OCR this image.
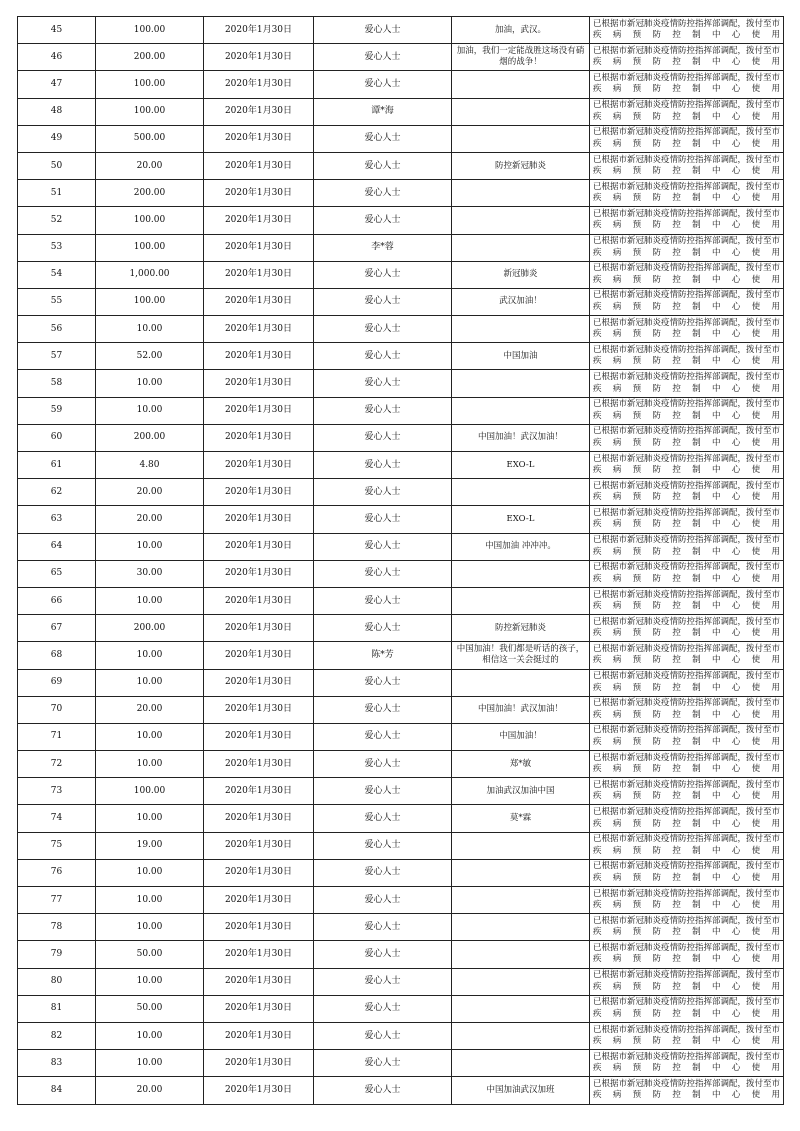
45	100.00	2020年1月30日	爱心人士	加油，武汉。	已根据市新冠肺炎疫情防控指挥部调配，拨付至市疾病预防控制中心使用
46	200.00	2020年1月30日	爱心人士	加油，我们一定能战胜这场没有硝烟的战争！	已根据市新冠肺炎疫情防控指挥部调配，拨付至市疾病预防控制中心使用
47	100.00	2020年1月30日	爱心人士		已根据市新冠肺炎疫情防控指挥部调配，拨付至市疾病预防控制中心使用
48	100.00	2020年1月30日	谭*海		已根据市新冠肺炎疫情防控指挥部调配，拨付至市疾病预防控制中心使用
49	500.00	2020年1月30日	爱心人士		已根据市新冠肺炎疫情防控指挥部调配，拨付至市疾病预防控制中心使用
50	20.00	2020年1月30日	爱心人士	防控新冠肺炎	已根据市新冠肺炎疫情防控指挥部调配，拨付至市疾病预防控制中心使用
51	200.00	2020年1月30日	爱心人士		已根据市新冠肺炎疫情防控指挥部调配，拨付至市疾病预防控制中心使用
52	100.00	2020年1月30日	爱心人士		已根据市新冠肺炎疫情防控指挥部调配，拨付至市疾病预防控制中心使用
53	100.00	2020年1月30日	李*蓉		已根据市新冠肺炎疫情防控指挥部调配，拨付至市疾病预防控制中心使用
54	1,000.00	2020年1月30日	爱心人士	新冠肺炎	已根据市新冠肺炎疫情防控指挥部调配，拨付至市疾病预防控制中心使用
55	100.00	2020年1月30日	爱心人士	武汉加油！	已根据市新冠肺炎疫情防控指挥部调配，拨付至市疾病预防控制中心使用
56	10.00	2020年1月30日	爱心人士		已根据市新冠肺炎疫情防控指挥部调配，拨付至市疾病预防控制中心使用
57	52.00	2020年1月30日	爱心人士	中国加油	已根据市新冠肺炎疫情防控指挥部调配，拨付至市疾病预防控制中心使用
58	10.00	2020年1月30日	爱心人士		已根据市新冠肺炎疫情防控指挥部调配，拨付至市疾病预防控制中心使用
59	10.00	2020年1月30日	爱心人士		已根据市新冠肺炎疫情防控指挥部调配，拨付至市疾病预防控制中心使用
60	200.00	2020年1月30日	爱心人士	中国加油！武汉加油！	已根据市新冠肺炎疫情防控指挥部调配，拨付至市疾病预防控制中心使用
61	4.80	2020年1月30日	爱心人士	EXO-L	已根据市新冠肺炎疫情防控指挥部调配，拨付至市疾病预防控制中心使用
62	20.00	2020年1月30日	爱心人士		已根据市新冠肺炎疫情防控指挥部调配，拨付至市疾病预防控制中心使用
63	20.00	2020年1月30日	爱心人士	EXO-L	已根据市新冠肺炎疫情防控指挥部调配，拨付至市疾病预防控制中心使用
64	10.00	2020年1月30日	爱心人士	中国加油 冲冲冲。	已根据市新冠肺炎疫情防控指挥部调配，拨付至市疾病预防控制中心使用
65	30.00	2020年1月30日	爱心人士		已根据市新冠肺炎疫情防控指挥部调配，拨付至市疾病预防控制中心使用
66	10.00	2020年1月30日	爱心人士		已根据市新冠肺炎疫情防控指挥部调配，拨付至市疾病预防控制中心使用
67	200.00	2020年1月30日	爱心人士	防控新冠肺炎	已根据市新冠肺炎疫情防控指挥部调配，拨付至市疾病预防控制中心使用
68	10.00	2020年1月30日	陈*芳	中国加油！我们都是听话的孩子，相信这一关会挺过的	已根据市新冠肺炎疫情防控指挥部调配，拨付至市疾病预防控制中心使用
69	10.00	2020年1月30日	爱心人士		已根据市新冠肺炎疫情防控指挥部调配，拨付至市疾病预防控制中心使用
70	20.00	2020年1月30日	爱心人士	中国加油！武汉加油！	已根据市新冠肺炎疫情防控指挥部调配，拨付至市疾病预防控制中心使用
71	10.00	2020年1月30日	爱心人士	中国加油！	已根据市新冠肺炎疫情防控指挥部调配，拨付至市疾病预防控制中心使用
72	10.00	2020年1月30日	爱心人士	郑*敏	已根据市新冠肺炎疫情防控指挥部调配，拨付至市疾病预防控制中心使用
73	100.00	2020年1月30日	爱心人士	加油武汉加油中国	已根据市新冠肺炎疫情防控指挥部调配，拨付至市疾病预防控制中心使用
74	10.00	2020年1月30日	爱心人士	莫*霖	已根据市新冠肺炎疫情防控指挥部调配，拨付至市疾病预防控制中心使用
75	19.00	2020年1月30日	爱心人士		已根据市新冠肺炎疫情防控指挥部调配，拨付至市疾病预防控制中心使用
76	10.00	2020年1月30日	爱心人士		已根据市新冠肺炎疫情防控指挥部调配，拨付至市疾病预防控制中心使用
77	10.00	2020年1月30日	爱心人士		已根据市新冠肺炎疫情防控指挥部调配，拨付至市疾病预防控制中心使用
78	10.00	2020年1月30日	爱心人士		已根据市新冠肺炎疫情防控指挥部调配，拨付至市疾病预防控制中心使用
79	50.00	2020年1月30日	爱心人士		已根据市新冠肺炎疫情防控指挥部调配，拨付至市疾病预防控制中心使用
80	10.00	2020年1月30日	爱心人士		已根据市新冠肺炎疫情防控指挥部调配，拨付至市疾病预防控制中心使用
81	50.00	2020年1月30日	爱心人士		已根据市新冠肺炎疫情防控指挥部调配，拨付至市疾病预防控制中心使用
82	10.00	2020年1月30日	爱心人士		已根据市新冠肺炎疫情防控指挥部调配，拨付至市疾病预防控制中心使用
83	10.00	2020年1月30日	爱心人士		已根据市新冠肺炎疫情防控指挥部调配，拨付至市疾病预防控制中心使用
84	20.00	2020年1月30日	爱心人士	中国加油武汉加班	已根据市新冠肺炎疫情防控指挥部调配，拨付至市疾病预防控制中心使用
